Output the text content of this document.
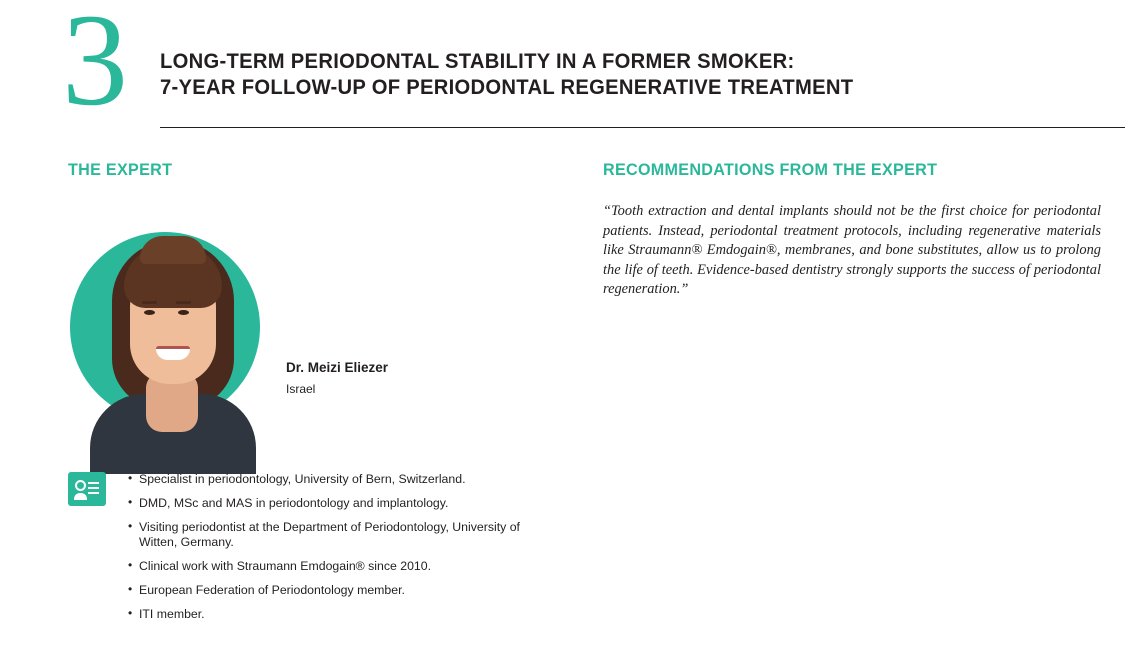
3 LONG-TERM PERIODONTAL STABILITY IN A FORMER SMOKER:
7-YEAR FOLLOW-UP OF PERIODONTAL REGENERATIVE TREATMENT
THE EXPERT

Dr. Meizi Eliezer

Israel

• Specialist in periodontology, University of Bern, Switzerland.
• DMD, MSc and MAS in periodontology and implantology.
• Visiting periodontist at the Department of Periodontology, University of Witten, Germany.
• Clinical work with Straumann Emdogain® since 2010.
• European Federation of Periodontology member.
• ITI member.
RECOMMENDATIONS FROM THE EXPERT

“Tooth extraction and dental implants should not be the first choice for periodontal patients. Instead, periodontal treatment protocols, including regenerative materials like Straumann® Emdogain®, membranes, and bone substitutes, allow us to prolong the life of teeth. Evidence-based dentistry strongly supports the success of periodontal regeneration.”
